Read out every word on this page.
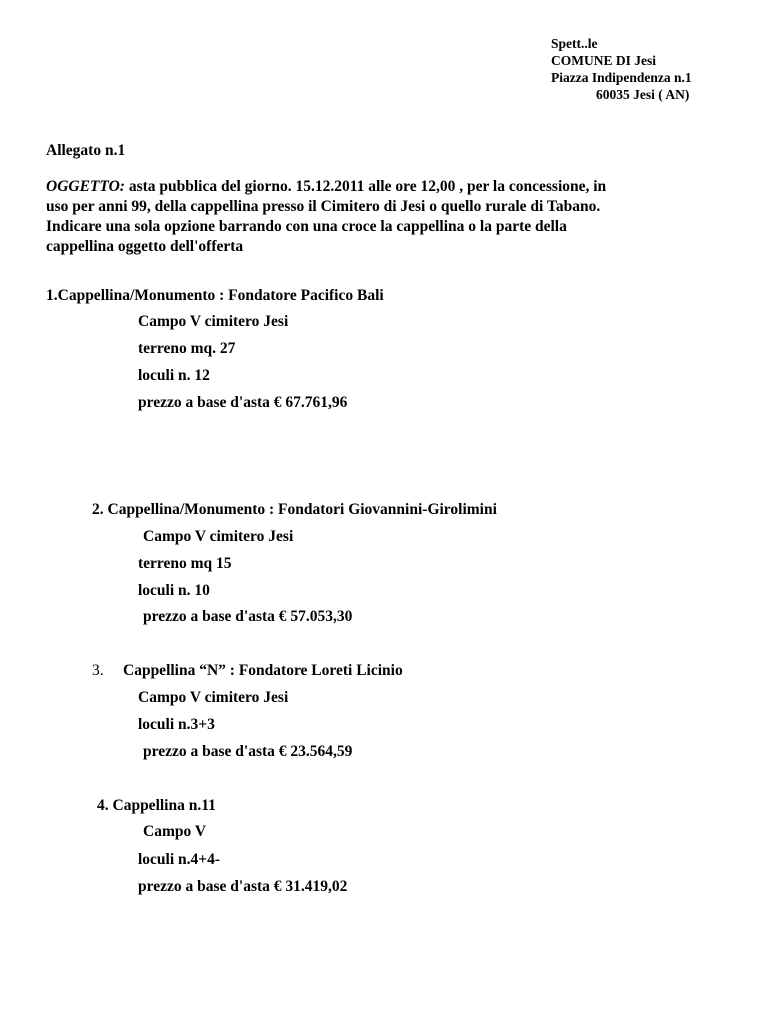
Spett..le
COMUNE DI Jesi
Piazza Indipendenza n.1
60035 Jesi ( AN)
Allegato n.1

OGGETTO: asta pubblica del giorno. 15.12.2011 alle ore 12,00 , per la concessione, in

uso per anni 99, della cappellina presso il Cimitero di Jesi o quello rurale di Tabano.

Indicare una sola opzione barrando con una croce la cappellina o la parte della

cappellina oggetto dell'offerta

1.Cappellina/Monumento : Fondatore Pacifico Bali
Campo V cimitero Jesi
terreno mq. 27
loculi n. 12
prezzo a base d'asta € 67.761,96
2. Cappellina/Monumento : Fondatori Giovannini-Girolimini
Campo V cimitero Jesi
terreno mq 15
loculi n. 10
prezzo a base d'asta € 57.053,30
3. Cappellina “N” : Fondatore Loreti Licinio
Campo V cimitero Jesi
loculi n.3+3
prezzo a base d'asta € 23.564,59
4. Cappellina n.11
Campo V
loculi n.4+4-
prezzo a base d'asta € 31.419,02
